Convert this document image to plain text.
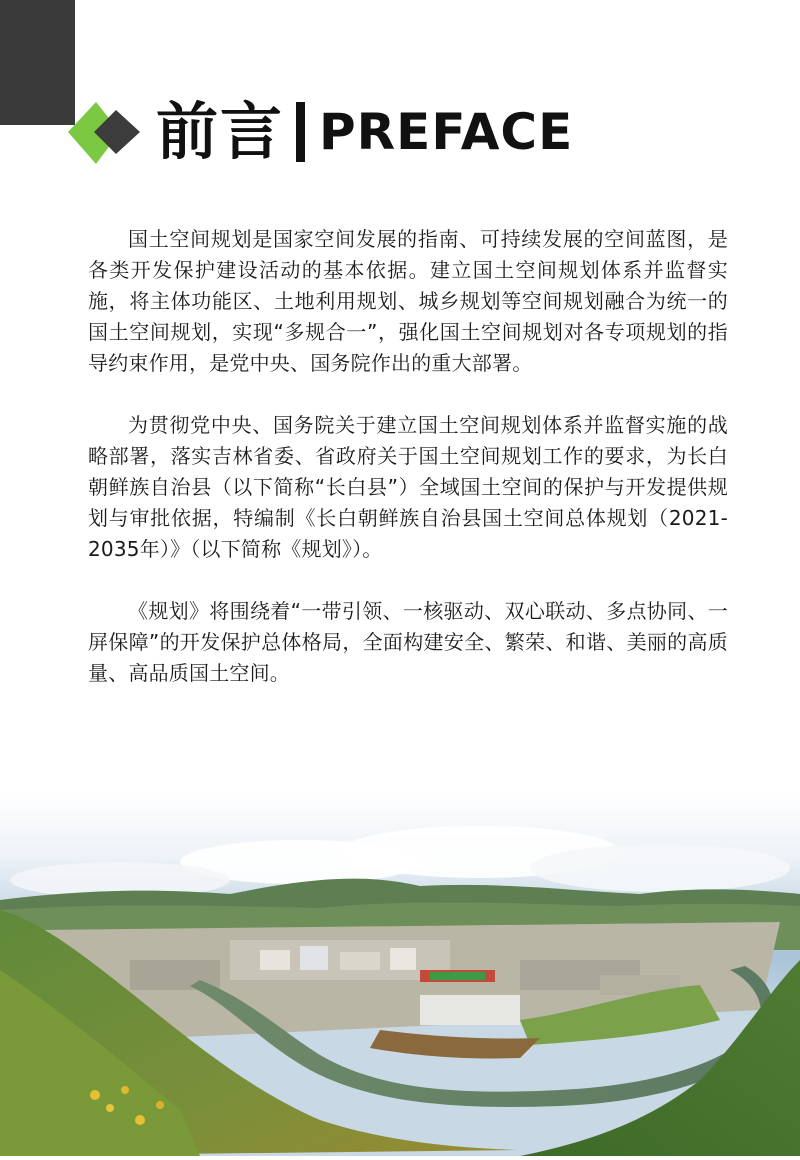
前言 PREFACE

国土空间规划是国家空间发展的指南、可持续发展的空间蓝图，是各类开发保护建设活动的基本依据。建立国土空间规划体系并监督实施，将主体功能区、土地利用规划、城乡规划等空间规划融合为统一的国土空间规划，实现“多规合一”，强化国土空间规划对各专项规划的指导约束作用，是党中央、国务院作出的重大部署。

为贯彻党中央、国务院关于建立国土空间规划体系并监督实施的战略部署，落实吉林省委、省政府关于国土空间规划工作的要求，为长白朝鲜族自治县（以下简称“长白县”）全域国土空间的保护与开发提供规划与审批依据，特编制《长白朝鲜族自治县国土空间总体规划（2021-2035年）》（以下简称《规划》）。

《规划》将围绕着“一带引领、一核驱动、双心联动、多点协同、一屏保障”的开发保护总体格局，全面构建安全、繁荣、和谐、美丽的高质量、高品质国土空间。
